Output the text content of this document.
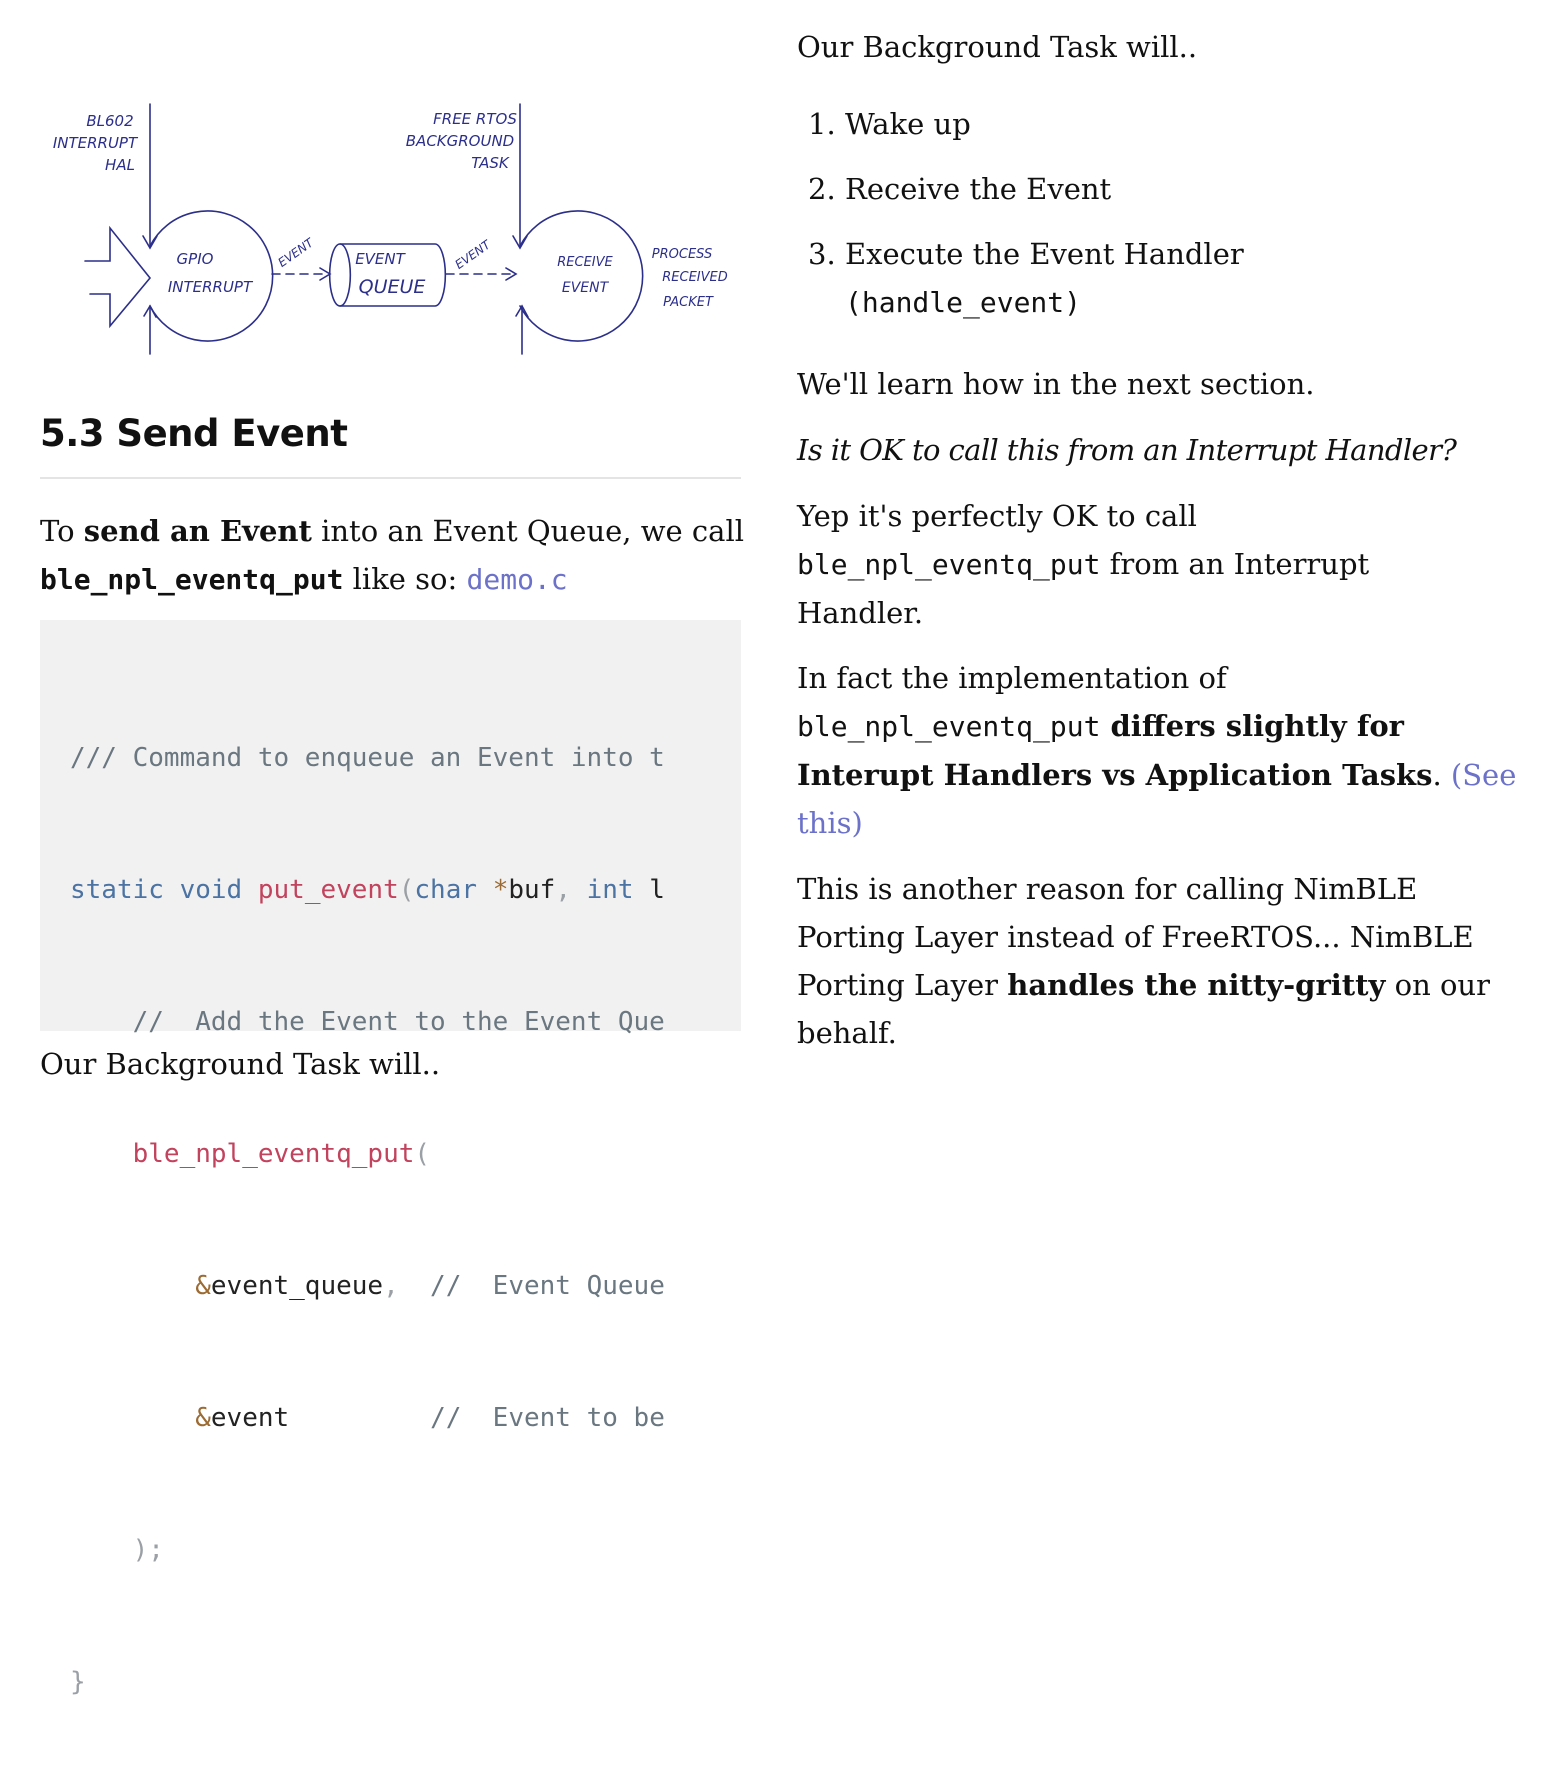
BL602
INTERRUPT
HAL
FREE RTOS
BACKGROUND
TASK
GPIO
INTERRUPT
EVENT	EVENT
QUEUE
EVENT	RECEIVE
EVENT
PROCESS
RECEIVED
PACKET
5.3 Send Event
To send an Event into an Event Queue, we call
ble_npl_eventq_put like so: demo.c

/// Command to enqueue an Event into t

static void put_event(char *buf, int l

//  Add the Event to the Event Que

ble_npl_eventq_put(

&event_queue, //  Event Queue

&event	//  Event to be

);

}

Our Background Task will..
Our Background Task will..
1. Wake up
2. Receive the Event
3. Execute the Event Handler
(handle_event)
We'll learn how in the next section.
Is it OK to call this from an Interrupt Handler?
Yep it's perfectly OK to call
ble_npl_eventq_put from an Interrupt
Handler.
In fact the implementation of
ble_npl_eventq_put differs slightly for
Interupt Handlers vs Application Tasks. (See
this)
This is another reason for calling NimBLE
Porting Layer instead of FreeRTOS... NimBLE
Porting Layer handles the nitty-gritty on our
behalf.
